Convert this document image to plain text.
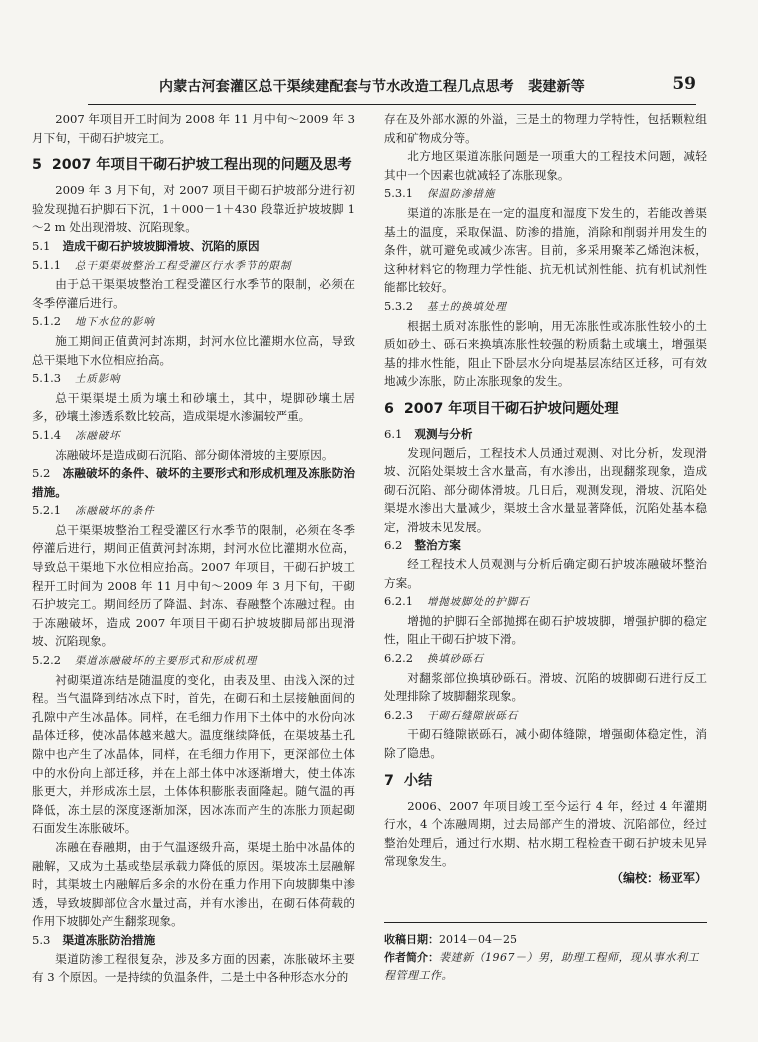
内蒙古河套灌区总干渠续建配套与节水改造工程几点思考　裴建新等	59

2007 年项目开工时间为 2008 年 11 月中旬～2009 年 3 月下旬，干砌石护坡完工。

5 2007 年项目干砌石护坡工程出现的问题及思考

2009 年 3 月下旬，对 2007 项目干砌石护坡部分进行初验发现抛石护脚石下沉，1＋000－1＋430 段靠近护坡坡脚 1～2 m 处出现滑坡、沉陷现象。

5.1 造成干砌石护坡坡脚滑坡、沉陷的原因
5.1.1 总干渠渠坡整治工程受灌区行水季节的限制

由于总干渠渠坡整治工程受灌区行水季节的限制，必须在冬季停灌后进行。

5.1.2 地下水位的影响

施工期间正值黄河封冻期，封河水位比灌期水位高，导致总干渠地下水位相应抬高。

5.1.3 土质影响

总干渠渠堤土质为壤土和砂壤土，其中，堤脚砂壤土居多，砂壤土渗透系数比较高，造成渠堤水渗漏较严重。

5.1.4 冻融破坏

冻融破坏是造成砌石沉陷、部分砌体滑坡的主要原因。

5.2 冻融破坏的条件、破坏的主要形式和形成机理及冻胀防治措施。
5.2.1 冻融破坏的条件

总干渠渠坡整治工程受灌区行水季节的限制，必须在冬季停灌后进行，期间正值黄河封冻期，封河水位比灌期水位高，导致总干渠地下水位相应抬高。2007 年项目，干砌石护坡工程开工时间为 2008 年 11 月中旬～2009 年 3 月下旬，干砌石护坡完工。期间经历了降温、封冻、春融整个冻融过程。由于冻融破坏，造成 2007 年项目干砌石护坡坡脚局部出现滑坡、沉陷现象。

5.2.2 渠道冻融破坏的主要形式和形成机理

衬砌渠道冻结是随温度的变化，由表及里、由浅入深的过程。当气温降到结冰点下时，首先，在砌石和土层接触面间的孔隙中产生冰晶体。同样，在毛细力作用下土体中的水份向冰晶体迁移，使冰晶体越来越大。温度继续降低，在渠坡基土孔隙中也产生了冰晶体，同样，在毛细力作用下，更深部位土体中的水份向上部迁移，并在上部土体中冰逐渐增大，使土体冻胀更大，并形成冻土层，土体体积膨胀表面隆起。随气温的再降低，冻土层的深度逐渐加深，因冰冻而产生的冻胀力顶起砌石面发生冻胀破坏。

冻融在春融期，由于气温逐级升高，渠堤土胎中冰晶体的融解，又成为土基或垫层承载力降低的原因。渠坡冻土层融解时，其渠坡土内融解后多余的水份在重力作用下向坡脚集中渗透，导致坡脚部位含水量过高，并有水渗出，在砌石体荷载的作用下坡脚处产生翻浆现象。

5.3 渠道冻胀防治措施

渠道防渗工程很复杂，涉及多方面的因素，冻胀破坏主要有 3 个原因。一是持续的负温条件，二是土中各种形态水分的

存在及外部水源的外溢，三是土的物理力学特性，包括颗粒组成和矿物成分等。

北方地区渠道冻胀问题是一项重大的工程技术问题，减轻其中一个因素也就减轻了冻胀现象。

5.3.1 保温防渗措施

渠道的冻胀是在一定的温度和湿度下发生的，若能改善渠基土的温度，采取保温、防渗的措施，消除和削弱并用发生的条件，就可避免或减少冻害。目前，多采用聚苯乙烯泡沫板，这种材料它的物理力学性能、抗无机试剂性能、抗有机试剂性能都比较好。

5.3.2 基土的换填处理

根据土质对冻胀性的影响，用无冻胀性或冻胀性较小的土质如砂土、砾石来换填冻胀性较强的粉质黏土或壤土，增强渠基的排水性能，阻止下卧层水分向堤基层冻结区迁移，可有效地减少冻胀，防止冻胀现象的发生。

6 2007 年项目干砌石护坡问题处理
6.1 观测与分析

发现问题后，工程技术人员通过观测、对比分析，发现滑坡、沉陷处渠坡土含水量高，有水渗出，出现翻浆现象，造成砌石沉陷、部分砌体滑坡。几日后，观测发现，滑坡、沉陷处渠堤水渗出大量减少，渠坡土含水量显著降低，沉陷处基本稳定，滑坡未见发展。

6.2 整治方案

经工程技术人员观测与分析后确定砌石护坡冻融破坏整治方案。

6.2.1 增抛坡脚处的护脚石

增抛的护脚石全部抛掷在砌石护坡坡脚，增强护脚的稳定性，阻止干砌石护坡下滑。

6.2.2 换填砂砾石

对翻浆部位换填砂砾石。滑坡、沉陷的坡脚砌石进行反工处理排除了坡脚翻浆现象。

6.2.3 干砌石缝隙嵌砾石

干砌石缝隙嵌砾石，减小砌体缝隙，增强砌体稳定性，消除了隐患。

7 小结

2006、2007 年项目竣工至今运行 4 年，经过 4 年灌期行水，4 个冻融周期，过去局部产生的滑坡、沉陷部位，经过整治处理后，通过行水期、枯水期工程检查干砌石护坡未见异常现象发生。

（编校：杨亚军）
收稿日期：2014－04－25
作者简介：裴建新（1967－）男，助理工程师，现从事水利工程管理工作。
